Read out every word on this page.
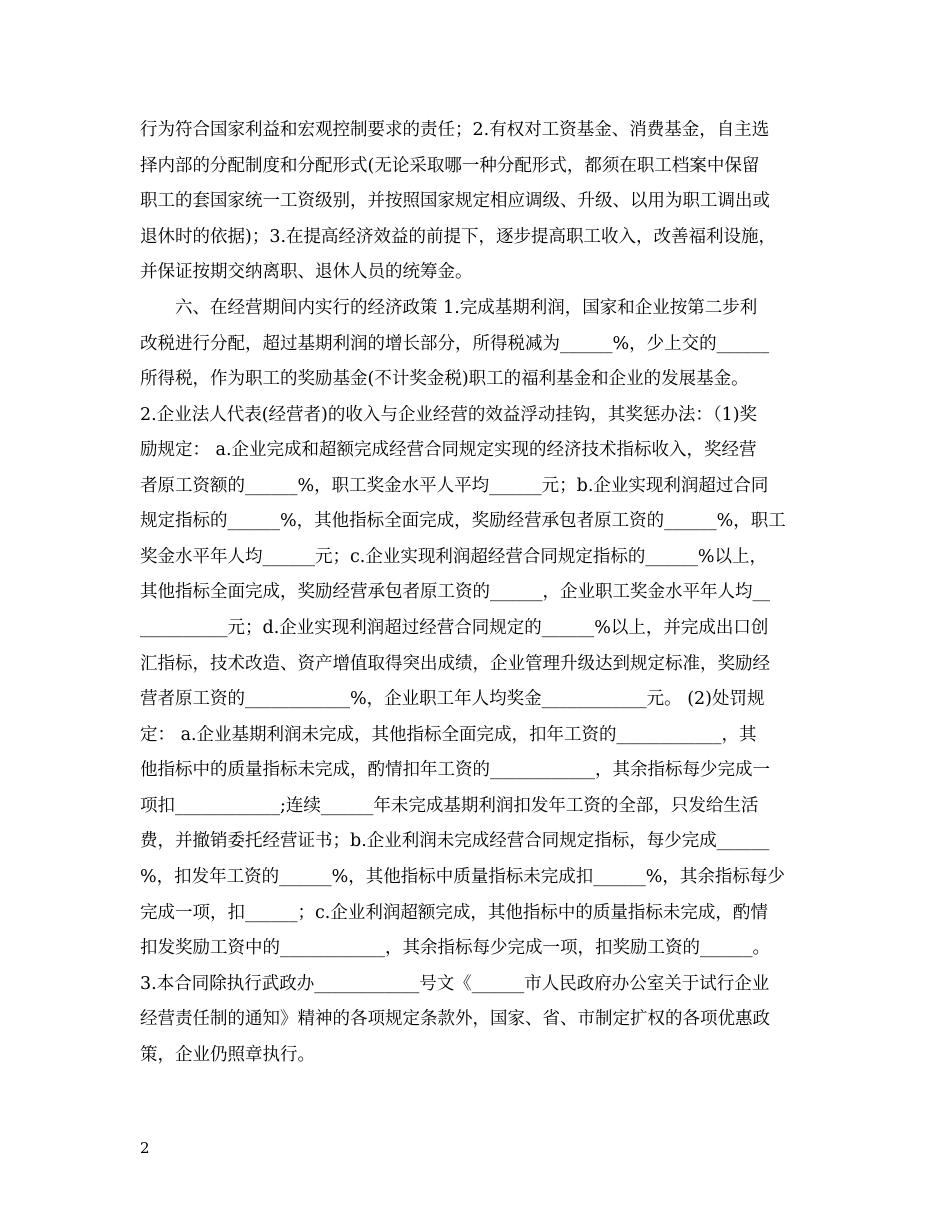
行为符合国家利益和宏观控制要求的责任；2.有权对工资基金、消费基金，自主选
择内部的分配制度和分配形式(无论采取哪一种分配形式，都须在职工档案中保留
职工的套国家统一工资级别，并按照国家规定相应调级、升级、以用为职工调出或
退休时的依据)；3.在提高经济效益的前提下，逐步提高职工收入，改善福利设施，
并保证按期交纳离职、退休人员的统筹金。
　　六、在经营期间内实行的经济政策 1.完成基期利润，国家和企业按第二步利
改税进行分配，超过基期利润的增长部分，所得税减为______%，少上交的______
所得税，作为职工的奖励基金(不计奖金税)职工的福利基金和企业的发展基金。
2.企业法人代表(经营者)的收入与企业经营的效益浮动挂钩，其奖惩办法：（1)奖
励规定： a.企业完成和超额完成经营合同规定实现的经济技术指标收入，奖经营
者原工资额的______%，职工奖金水平人平均______元；b.企业实现利润超过合同
规定指标的______%，其他指标全面完成，奖励经营承包者原工资的______%，职工
奖金水平年人均______元；c.企业实现利润超经营合同规定指标的______%以上，
其他指标全面完成，奖励经营承包者原工资的______，企业职工奖金水平年人均__
__________元；d.企业实现利润超过经营合同规定的______%以上，并完成出口创
汇指标，技术改造、资产增值取得突出成绩，企业管理升级达到规定标准，奖励经
营者原工资的____________%，企业职工年人均奖金____________元。 (2)处罚规
定： a.企业基期利润未完成，其他指标全面完成，扣年工资的____________，其
他指标中的质量指标未完成，酌情扣年工资的____________，其余指标每少完成一
项扣____________;连续______年未完成基期利润扣发年工资的全部，只发给生活
费，并撤销委托经营证书；b.企业利润未完成经营合同规定指标，每少完成______
%，扣发年工资的______%，其他指标中质量指标未完成扣______%，其余指标每少
完成一项，扣______；c.企业利润超额完成，其他指标中的质量指标未完成，酌情
扣发奖励工资中的____________，其余指标每少完成一项，扣奖励工资的______。
3.本合同除执行武政办____________号文《______市人民政府办公室关于试行企业
经营责任制的通知》精神的各项规定条款外，国家、省、市制定扩权的各项优惠政
策，企业仍照章执行。
2
